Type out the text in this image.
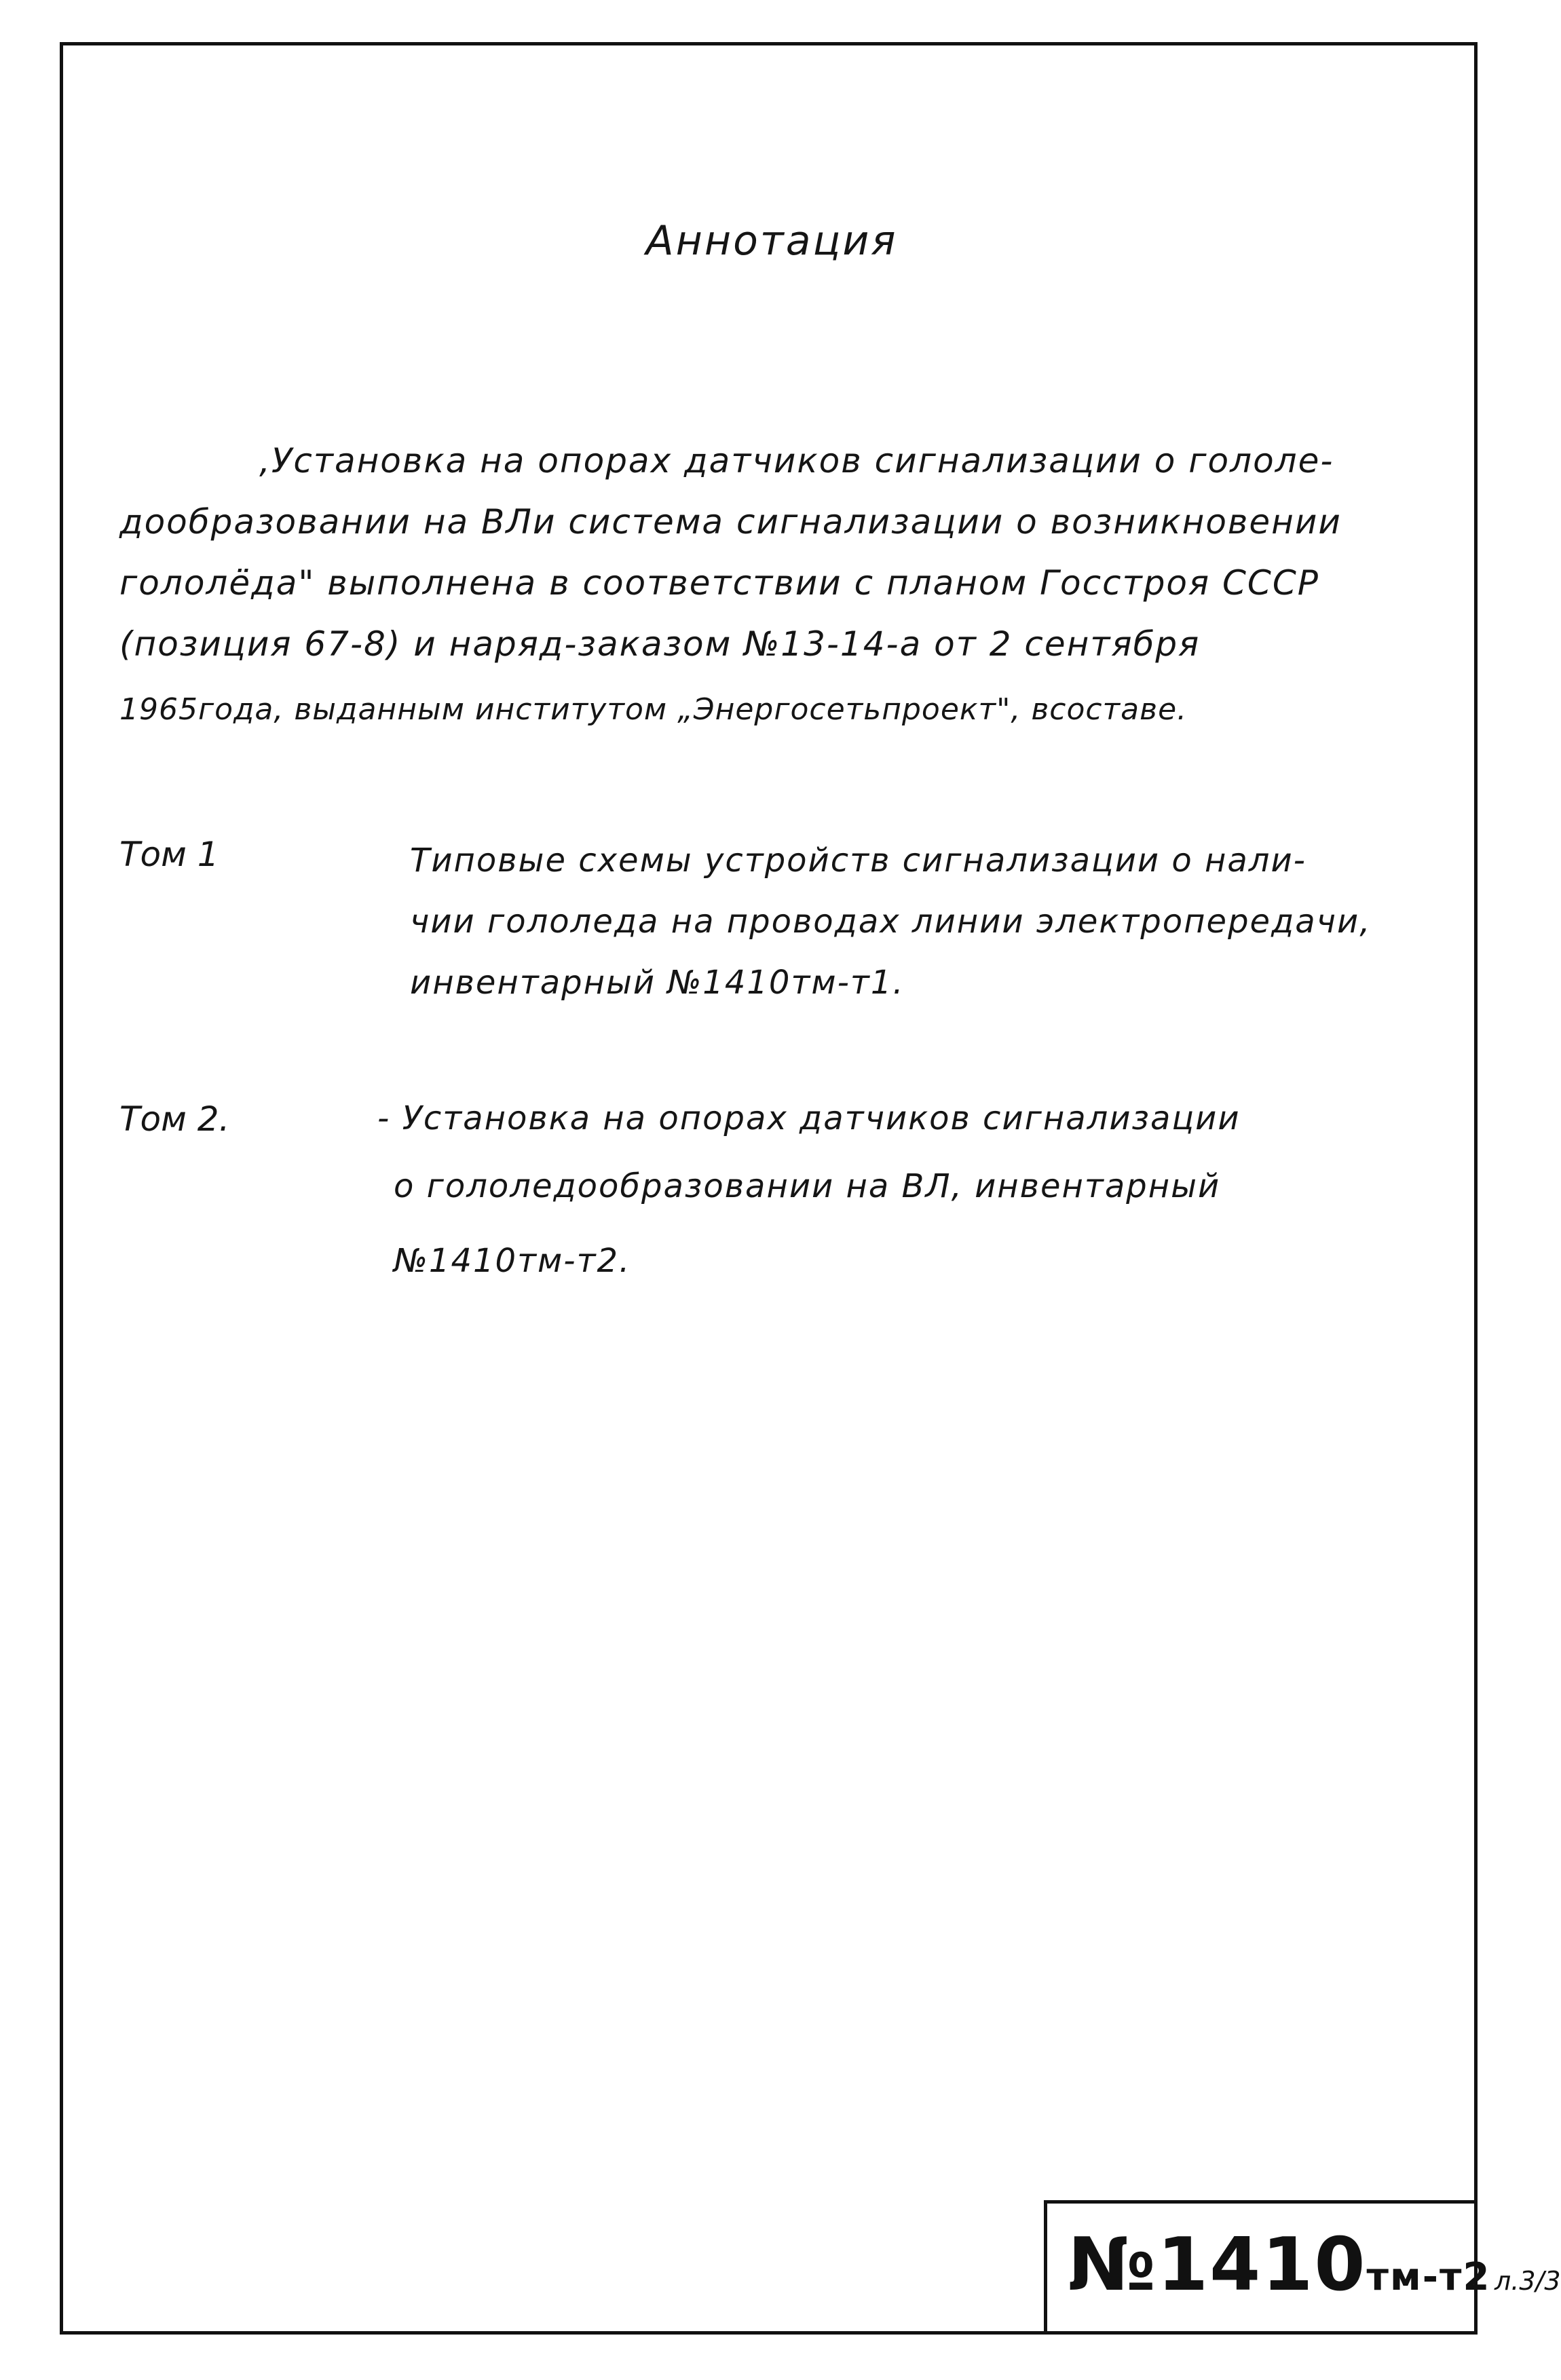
Аннотация
,Установка на опорах датчиков сигнализации о гололе-
дообразовании на ВЛи система сигнализации о возникновении
гололёда" выполнена в соответствии с планом Госстроя СССР
(позиция 67-8) и наряд-заказом №13-14-а от 2 сентября
1965года, выданным институтом „Энергосетьпроект", всоставе.
Том 1	Типовые схемы устройств сигнализации о нали-
чии гололеда на проводах линии электропередачи,
инвентарный №1410тм-т1.
Том 2.	- Установка на опорах датчиков сигнализации
о гололедообразовании на ВЛ, инвентарный
№1410тм-т2.
№1410тм-т2 л.3/3
